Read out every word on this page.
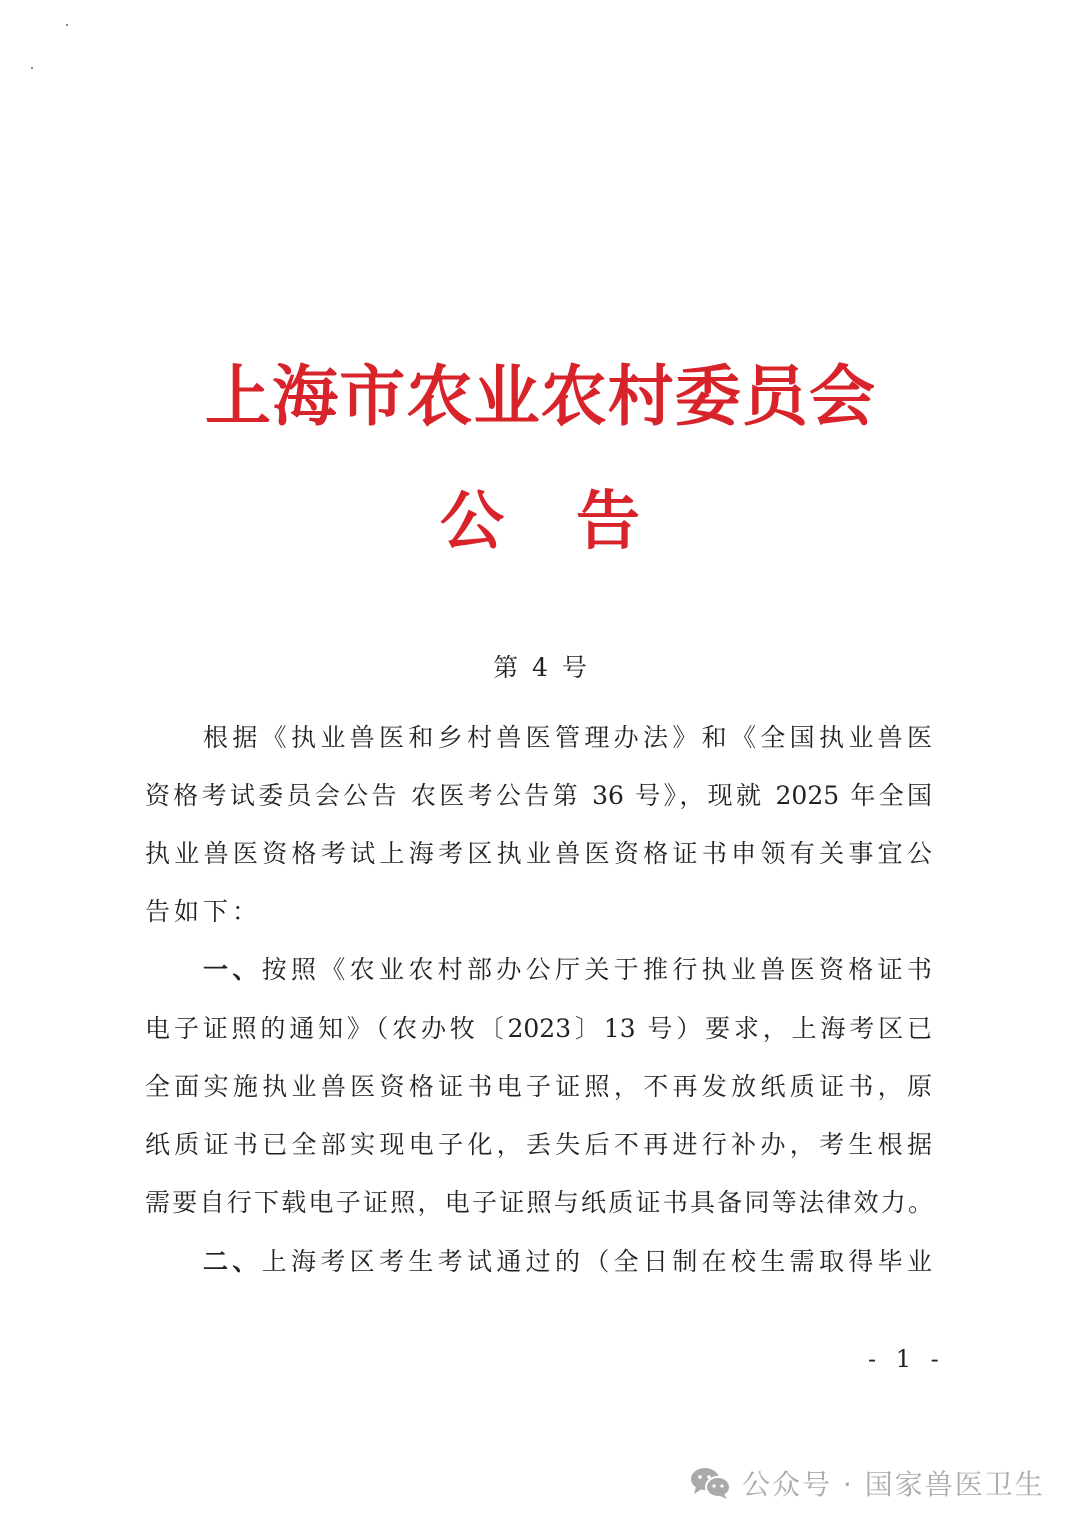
上海市农业农村委员会
公告
第 4 号
根据《执业兽医和乡村兽医管理办法》和《全国执业兽医
资格考试委员会公告 农医考公告第 36 号》，现就 2025 年全国
执业兽医资格考试上海考区执业兽医资格证书申领有关事宜公
告如下：
一、按照《农业农村部办公厅关于推行执业兽医资格证书
电子证照的通知》（农办牧〔2023〕13 号）要求，上海考区已
全面实施执业兽医资格证书电子证照，不再发放纸质证书，原
纸质证书已全部实现电子化，丢失后不再进行补办，考生根据
需要自行下载电子证照，电子证照与纸质证书具备同等法律效力。
二、上海考区考生考试通过的（全日制在校生需取得毕业
- 1 -
公众号 · 国家兽医卫生
